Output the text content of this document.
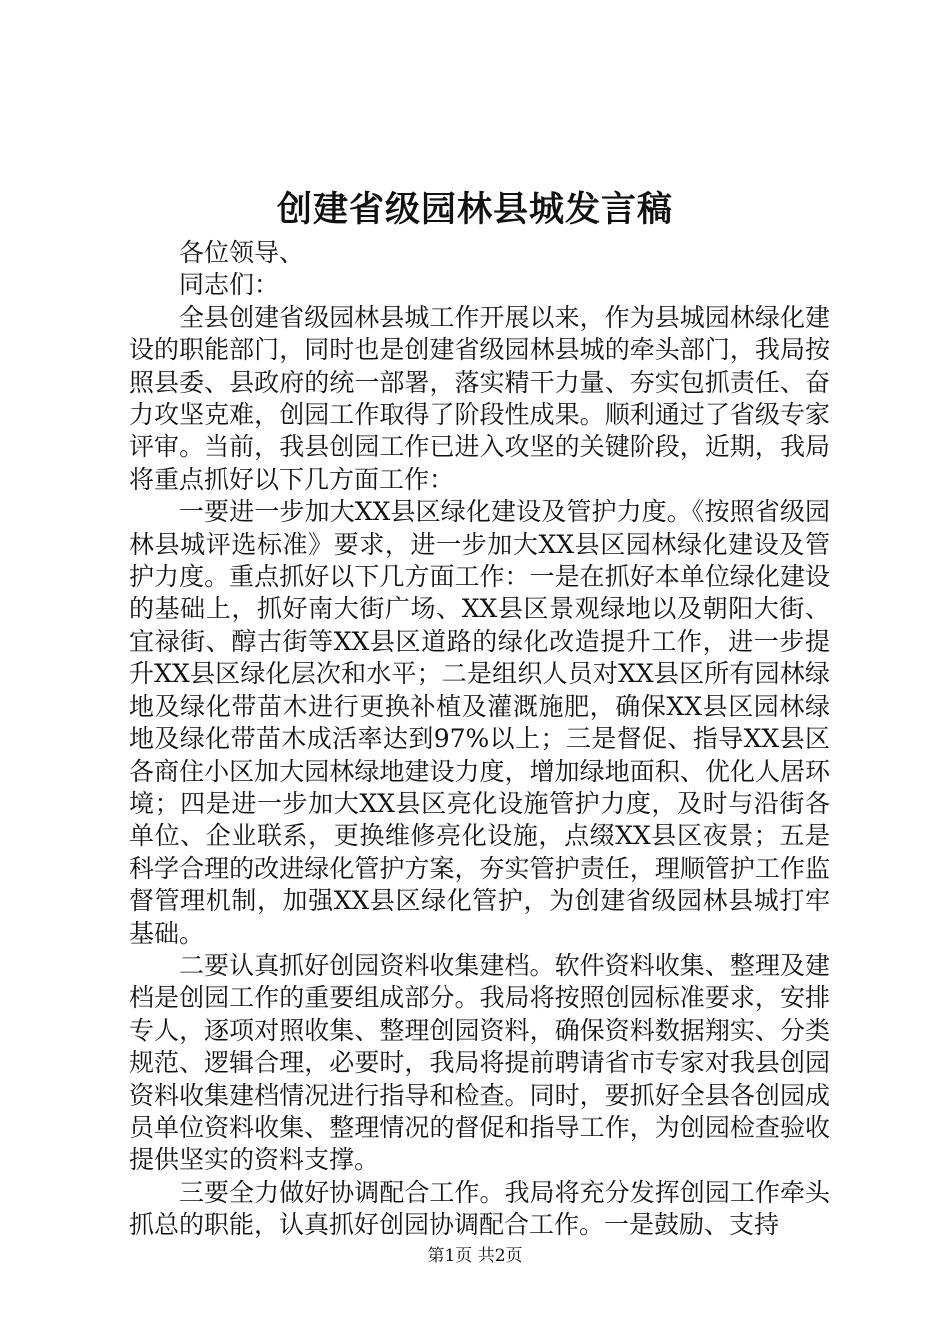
创建省级园林县城发言稿

各位领导、

同志们：

全县创建省级园林县城工作开展以来，作为县城园林绿化建设的职能部门，同时也是创建省级园林县城的牵头部门，我局按照县委、县政府的统一部署，落实精干力量、夯实包抓责任、奋力攻坚克难，创园工作取得了阶段性成果。顺利通过了省级专家评审。当前，我县创园工作已进入攻坚的关键阶段，近期，我局将重点抓好以下几方面工作：

一要进一步加大XX县区绿化建设及管护力度。《按照省级园林县城评选标准》要求，进一步加大XX县区园林绿化建设及管护力度。重点抓好以下几方面工作：一是在抓好本单位绿化建设的基础上，抓好南大街广场、XX县区景观绿地以及朝阳大街、宜禄街、醇古街等XX县区道路的绿化改造提升工作，进一步提升XX县区绿化层次和水平；二是组织人员对XX县区所有园林绿地及绿化带苗木进行更换补植及灌溉施肥，确保XX县区园林绿地及绿化带苗木成活率达到97%以上；三是督促、指导XX县区各商住小区加大园林绿地建设力度，增加绿地面积、优化人居环境；四是进一步加大XX县区亮化设施管护力度，及时与沿街各单位、企业联系，更换维修亮化设施，点缀XX县区夜景；五是科学合理的改进绿化管护方案，夯实管护责任，理顺管护工作监督管理机制，加强XX县区绿化管护，为创建省级园林县城打牢基础。

二要认真抓好创园资料收集建档。软件资料收集、整理及建档是创园工作的重要组成部分。我局将按照创园标准要求，安排专人，逐项对照收集、整理创园资料，确保资料数据翔实、分类规范、逻辑合理，必要时，我局将提前聘请省市专家对我县创园资料收集建档情况进行指导和检查。同时，要抓好全县各创园成员单位资料收集、整理情况的督促和指导工作，为创园检查验收提供坚实的资料支撑。

三要全力做好协调配合工作。我局将充分发挥创园工作牵头抓总的职能，认真抓好创园协调配合工作。一是鼓励、支持

第1页 共2页
